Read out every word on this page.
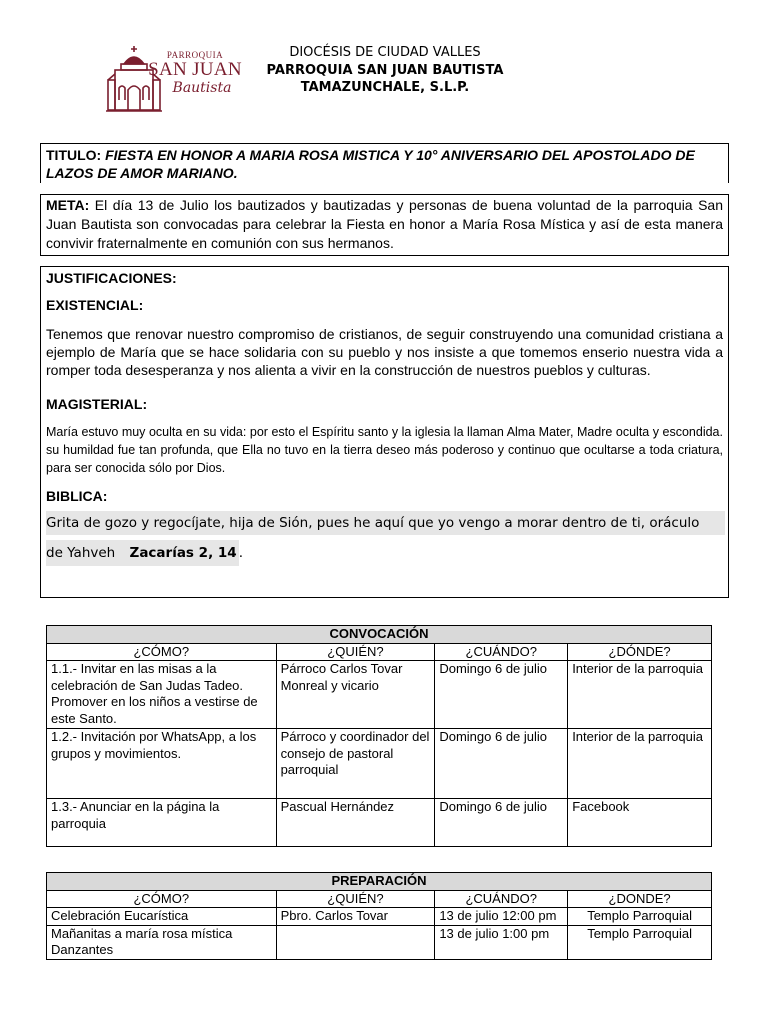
PARROQUIA
SAN JUAN
Bautista
DIOCÉSIS DE CIUDAD VALLES
PARROQUIA SAN JUAN BAUTISTA
TAMAZUNCHALE, S.L.P.
TITULO: FIESTA EN HONOR A MARIA ROSA MISTICA Y 10° ANIVERSARIO DEL APOSTOLADO DE LAZOS DE AMOR MARIANO.
META: El día 13 de Julio los bautizados y bautizadas y personas de buena voluntad de la parroquia San Juan Bautista son convocadas para celebrar la Fiesta en honor a María Rosa Mística y así de esta manera convivir fraternalmente en comunión con sus hermanos.
JUSTIFICACIONES:
EXISTENCIAL:

Tenemos que renovar nuestro compromiso de cristianos, de seguir construyendo una comunidad cristiana a ejemplo de María que se hace solidaria con su pueblo y nos insiste a que tomemos enserio nuestra vida a romper toda desesperanza y nos alienta a vivir en la construcción de nuestros pueblos y culturas.

MAGISTERIAL:

María estuvo muy oculta en su vida: por esto el Espíritu santo y la iglesia la llaman Alma Mater, Madre oculta y escondida. su humildad fue tan profunda, que Ella no tuvo en la tierra deseo más poderoso y continuo que ocultarse a toda criatura, para ser conocida sólo por Dios.

BIBLICA:
Grita de gozo y regocíjate, hija de Sión, pues he aquí que yo vengo a morar dentro de ti, oráculo
de Yahveh Zacarías 2, 14 .
CONVOCACIÓN			
¿CÓMO?	¿QUIÉN?	¿CUÁNDO?	¿DÓNDE?
1.1.- Invitar en las misas a la celebración de San Judas Tadeo. Promover en los niños a vestirse de este Santo.	Párroco Carlos Tovar Monreal y vicario	Domingo 6 de julio	Interior de la parroquia
1.2.- Invitación por WhatsApp, a los grupos y movimientos.	Párroco y coordinador del consejo de pastoral parroquial	Domingo 6 de julio	Interior de la parroquia
1.3.- Anunciar en la página la parroquia	Pascual Hernández	Domingo 6 de julio	Facebook
PREPARACIÓN			
¿CÓMO?	¿QUIÉN?	¿CUÁNDO?	¿DONDE?
Celebración Eucarística	Pbro. Carlos Tovar	13 de julio 12:00 pm	Templo Parroquial
Mañanitas a maría rosa mística Danzantes		13 de julio 1:00 pm	Templo Parroquial
